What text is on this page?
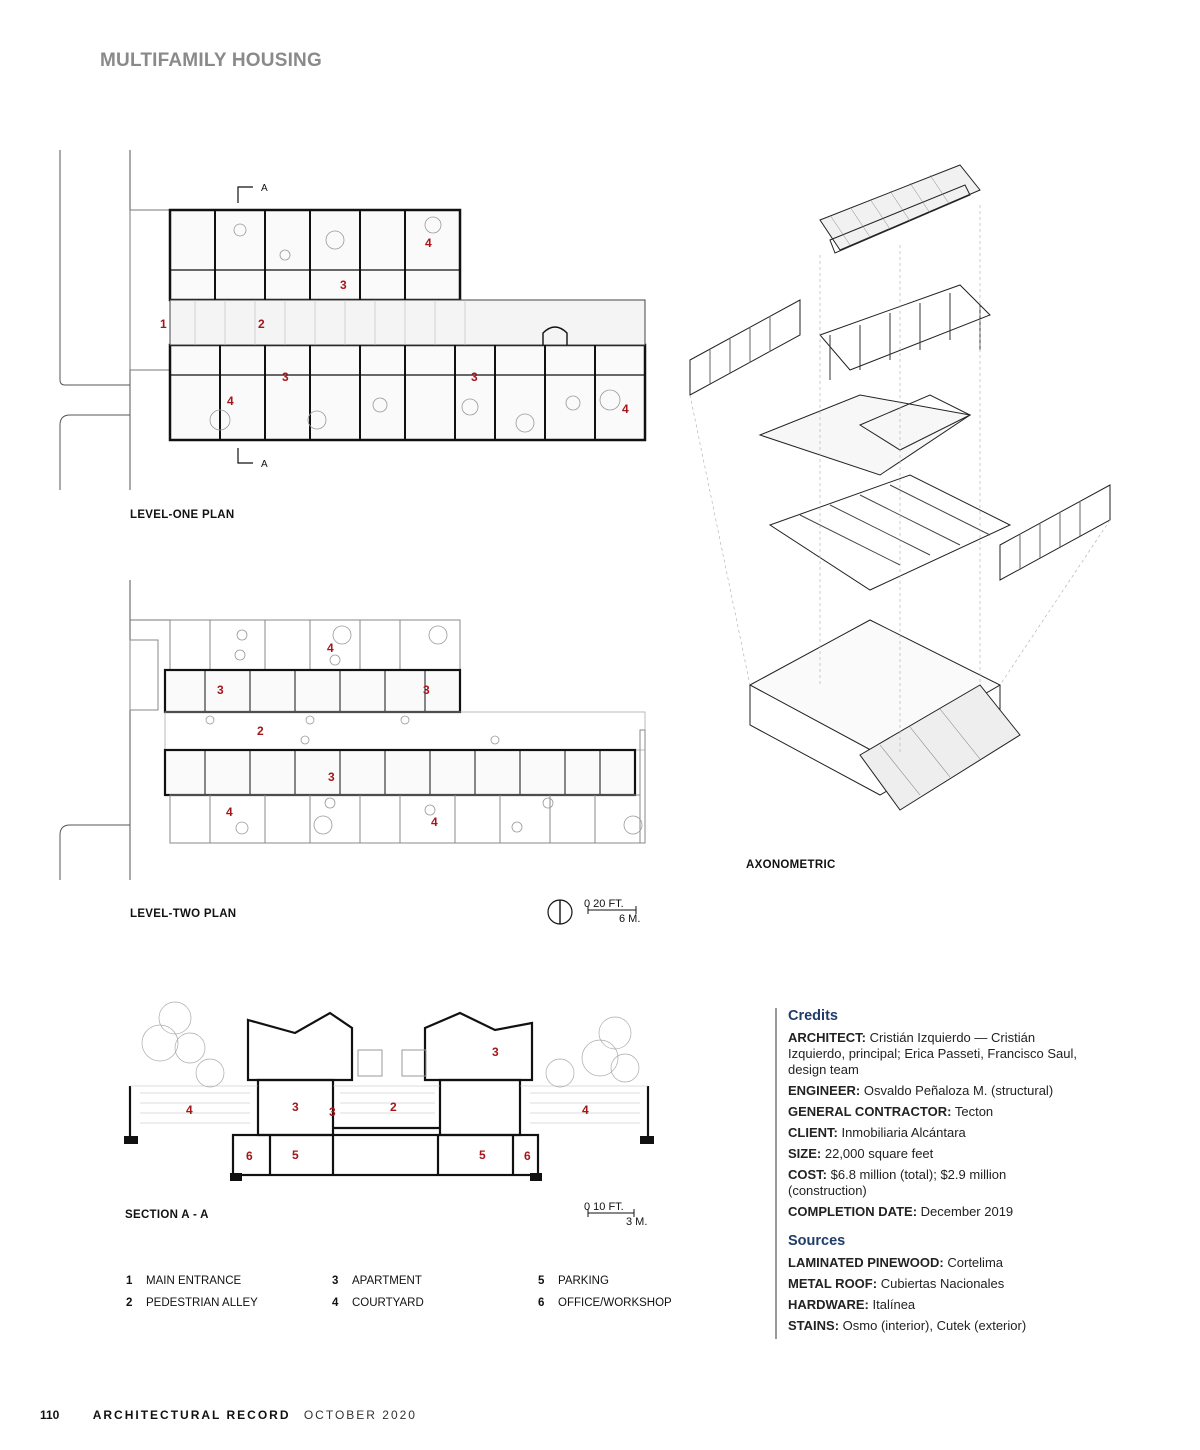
MULTIFAMILY HOUSING
A
A
1	2
3
3	3
4
4
4
LEVEL-ONE PLAN
2
3	3
3
4
4
4
LEVEL-TWO PLAN
0 20 FT.
6 M.
AXONOMETRIC
2
3	3
3
4	4
5	5
6	6
SECTION A - A
0 10 FT.
3 M.
1 MAIN ENTRANCE
2 PEDESTRIAN ALLEY
3 APARTMENT
4 COURTYARD
5 PARKING
6 OFFICE/WORKSHOP
Credits

ARCHITECT: Cristián Izquierdo — Cristián Izquierdo, principal; Erica Passeti, Francisco Saul, design team

ENGINEER: Osvaldo Peñaloza M. (structural)

GENERAL CONTRACTOR: Tecton

CLIENT: Inmobiliaria Alcántara

SIZE: 22,000 square feet

COST: $6.8 million (total); $2.9 million (construction)

COMPLETION DATE: December 2019

Sources

LAMINATED PINEWOOD: Cortelima

METAL ROOF: Cubiertas Nacionales

HARDWARE: Italínea

STAINS: Osmo (interior), Cutek (exterior)

110	ARCHITECTURAL RECORD OCTOBER 2020
